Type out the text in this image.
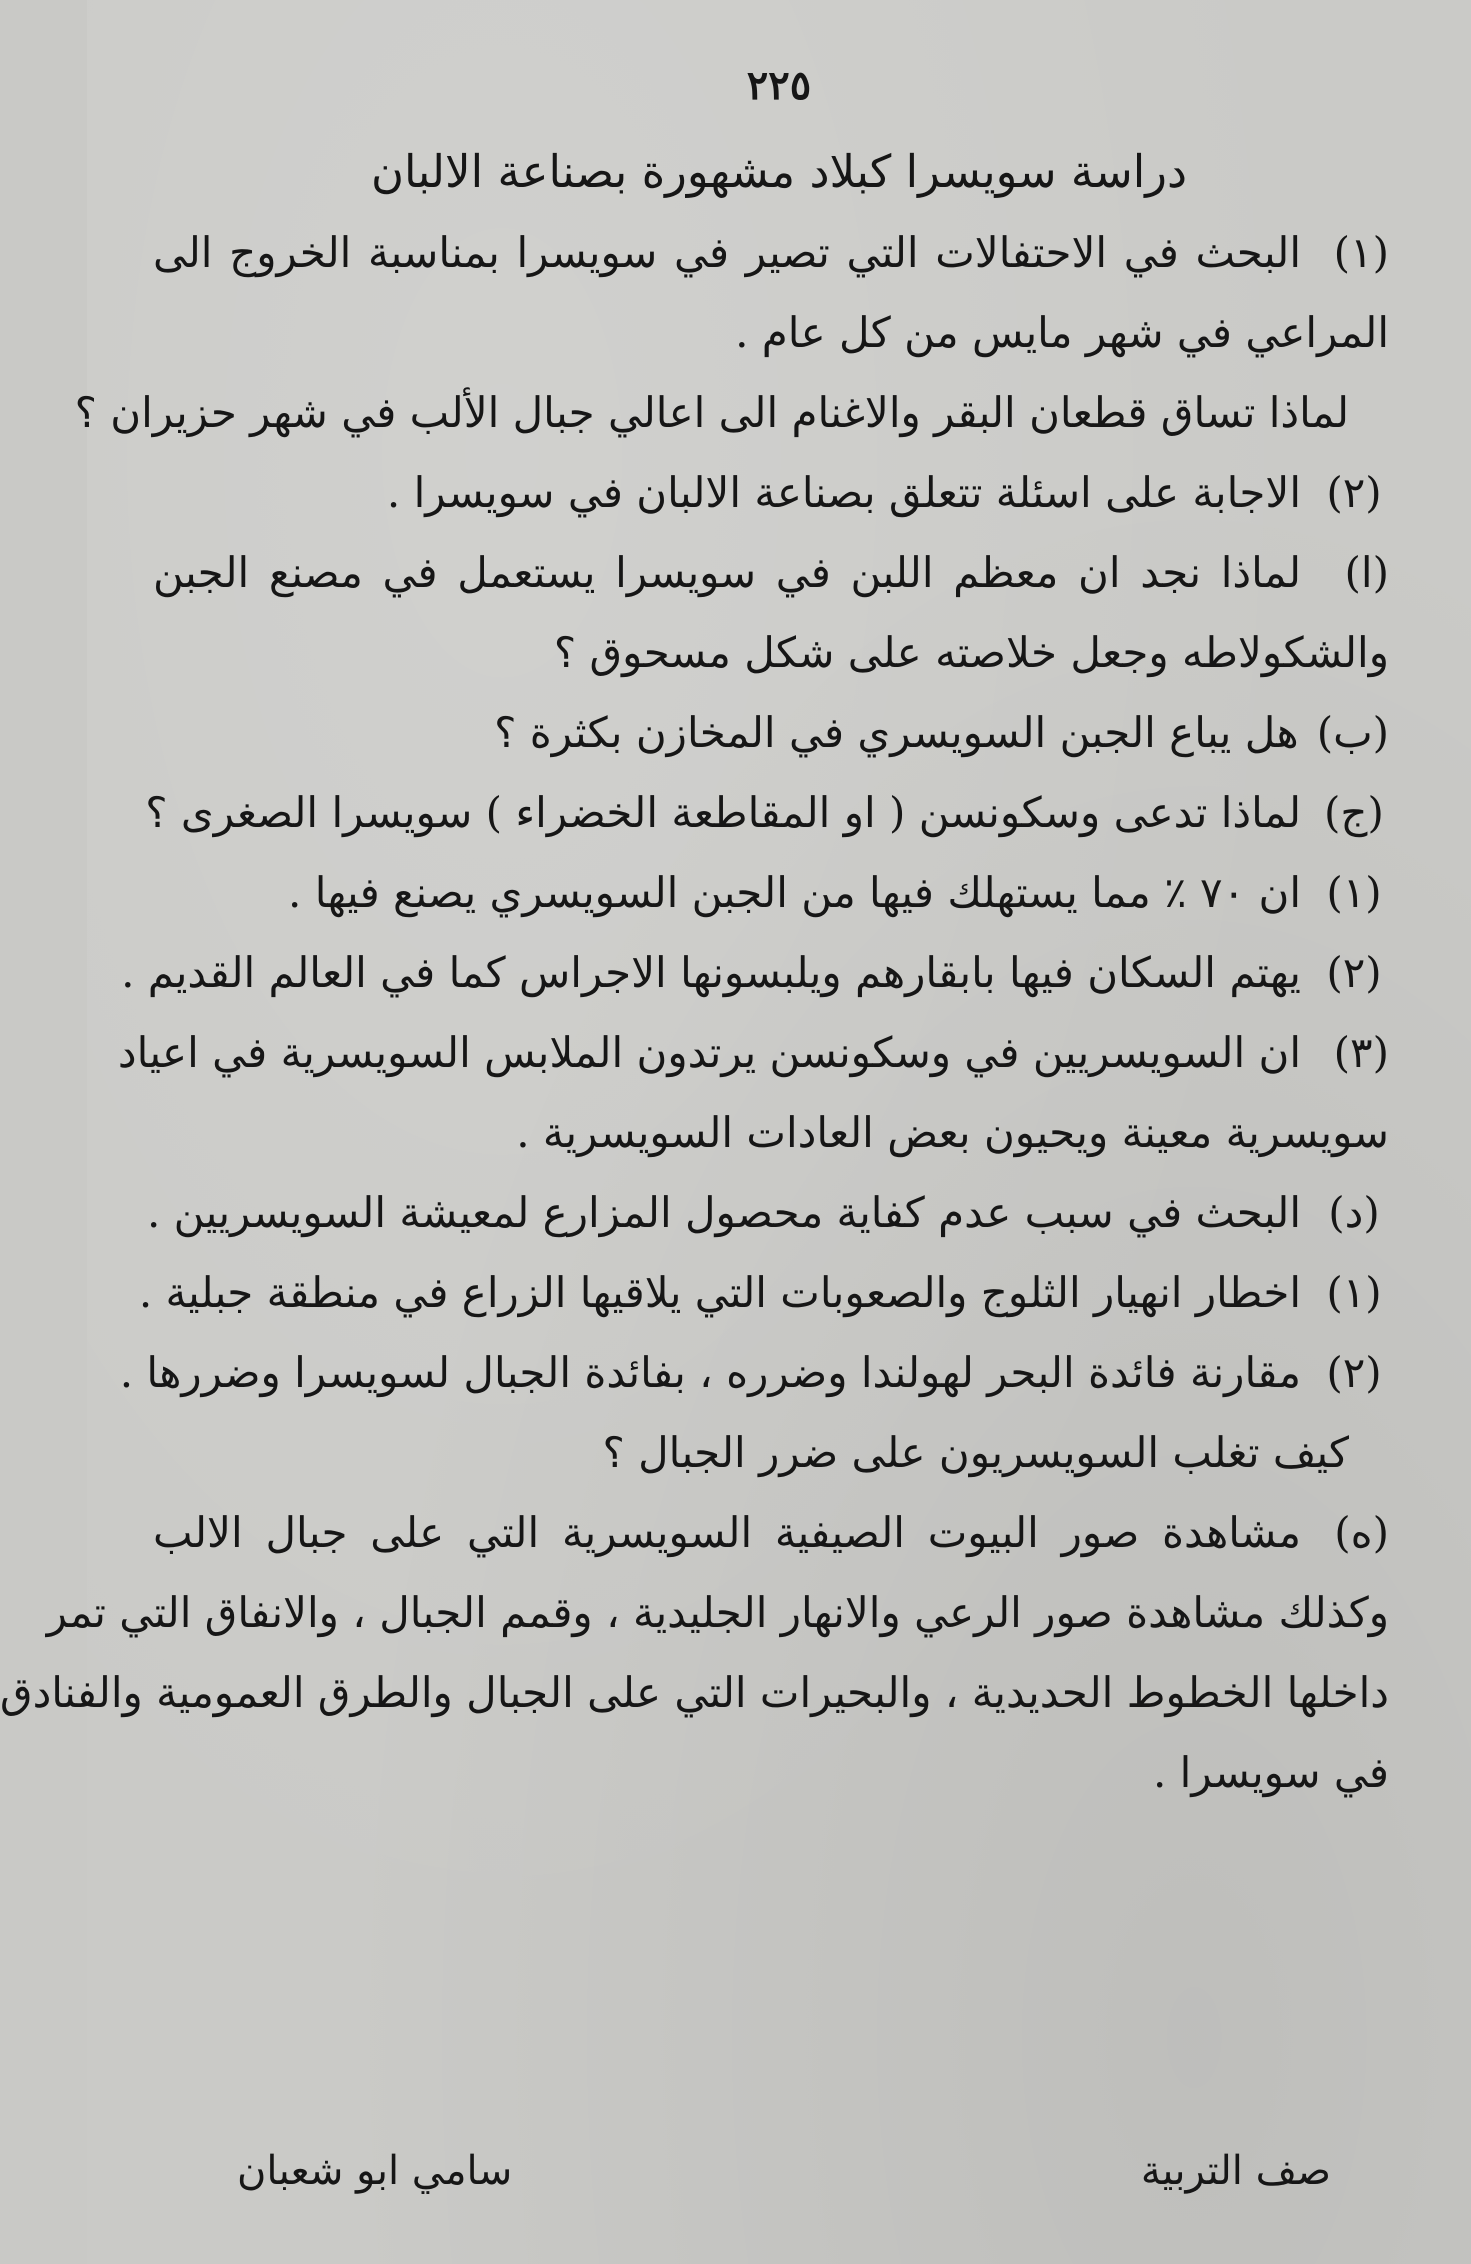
٢٢٥
دراسة سويسرا كبلاد مشهورة بصناعة الالبان
(١)البحث في الاحتفالات التي تصير في سويسرا بمناسبة الخروج الى
المراعي في شهر مايس من كل عام .
لماذا تساق قطعان البقر والاغنام الى اعالي جبال الألب في شهر حزيران ؟
(٢)الاجابة على اسئلة تتعلق بصناعة الالبان في سويسرا .
(ا)لماذا نجد ان معظم اللبن في سويسرا يستعمل في مصنع الجبن
والشكولاطه وجعل خلاصته على شكل مسحوق ؟
(ب)هل يباع الجبن السويسري في المخازن بكثرة ؟
(ج)لماذا تدعى وسكونسن ( او المقاطعة الخضراء ) سويسرا الصغرى ؟
(١)ان ٧٠ ٪ مما يستهلك فيها من الجبن السويسري يصنع فيها .
(٢)يهتم السكان فيها بابقارهم ويلبسونها الاجراس كما في العالم القديم .
(٣)ان السويسريين في وسكونسن يرتدون الملابس السويسرية في اعياد
سويسرية معينة ويحيون بعض العادات السويسرية .
(د)البحث في سبب عدم كفاية محصول المزارع لمعيشة السويسريين .
(١)اخطار انهيار الثلوج والصعوبات التي يلاقيها الزراع في منطقة جبلية .
(٢)مقارنة فائدة البحر لهولندا وضرره ، بفائدة الجبال لسويسرا وضررها .
كيف تغلب السويسريون على ضرر الجبال ؟
(ه)مشاهدة صور البيوت الصيفية السويسرية التي على جبال الالب
وكذلك مشاهدة صور الرعي والانهار الجليدية ، وقمم الجبال ، والانفاق التي تمر
داخلها الخطوط الحديدية ، والبحيرات التي على الجبال والطرق العمومية والفنادق
في سويسرا .
صف التربية
سامي ابو شعبان
